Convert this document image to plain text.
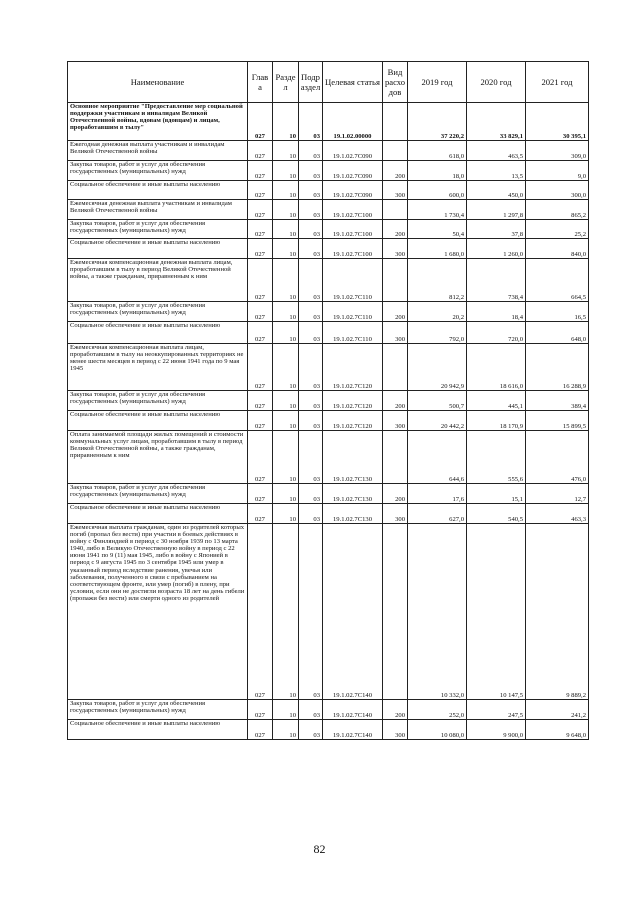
Наименование	Глав а	Разде л	Подр аздел	Целевая статья	Вид расхо дов	2019 год	2020 год	2021 год
Основное мероприятие "Предоставление мер социальной поддержки участникам и инвалидам Великой Отечественной войны, вдовам (вдовцам) и лицам, проработавшим в тылу"	027	10	03	19.1.02.00000		37 220,2	33 829,1	30 395,1
Ежегодная денежная выплата участникам и инвалидам Великой Отечественной войны	027	10	03	19.1.02.7С090		618,0	463,5	309,0
Закупка товаров, работ и услуг для обеспечения государственных (муниципальных) нужд	027	10	03	19.1.02.7С090	200	18,0	13,5	9,0
Социальное обеспечение и иные выплаты населению	027	10	03	19.1.02.7С090	300	600,0	450,0	300,0
Ежемесячная денежная выплата участникам и инвалидам Великой Отечественной войны	027	10	03	19.1.02.7С100		1 730,4	1 297,8	865,2
Закупка товаров, работ и услуг для обеспечения государственных (муниципальных) нужд	027	10	03	19.1.02.7С100	200	50,4	37,8	25,2
Социальное обеспечение и иные выплаты населению	027	10	03	19.1.02.7С100	300	1 680,0	1 260,0	840,0
Ежемесячная компенсационная денежная выплата лицам, проработавшим в тылу в период Великой Отечественной войны, а также гражданам, приравненным к ним	027	10	03	19.1.02.7С110		812,2	738,4	664,5
Закупка товаров, работ и услуг для обеспечения государственных (муниципальных) нужд	027	10	03	19.1.02.7С110	200	20,2	18,4	16,5
Социальное обеспечение и иные выплаты населению	027	10	03	19.1.02.7С110	300	792,0	720,0	648,0
Ежемесячная компенсационная выплата лицам, проработавшим в тылу на неоккупированных территориях не менее шести месяцев в период с 22 июня 1941 года по 9 мая 1945	027	10	03	19.1.02.7С120		20 942,9	18 616,0	16 288,9
Закупка товаров, работ и услуг для обеспечения государственных (муниципальных) нужд	027	10	03	19.1.02.7С120	200	500,7	445,1	389,4
Социальное обеспечение и иные выплаты населению	027	10	03	19.1.02.7С120	300	20 442,2	18 170,9	15 899,5
Оплата занимаемой площади жилых помещений и стоимости коммунальных услуг лицам, проработавшим в тылу в период Великой Отечественной войны, а также гражданам, приравненным к ним	027	10	03	19.1.02.7С130		644,6	555,6	476,0
Закупка товаров, работ и услуг для обеспечения государственных (муниципальных) нужд	027	10	03	19.1.02.7С130	200	17,6	15,1	12,7
Социальное обеспечение и иные выплаты населению	027	10	03	19.1.02.7С130	300	627,0	540,5	463,3
Ежемесячная выплата гражданам, один из родителей которых погиб (пропал без вести) при участии в боевых действиях в войну с Финляндией в период с 30 ноября 1939 по 13 марта 1940, либо в Великую Отечественную войну в период с 22 июня 1941 по 9 (11) мая 1945, либо в войну с Японией в период с 9 августа 1945 по 3 сентября 1945 или умер в указанный период вследствие ранения, увечья или заболевания, полученного в связи с пребыванием на соответствующем фронте, или умер (погиб) в плену, при условии, если они не достигли возраста 18 лет на день гибели (пропажи без вести) или смерти одного из родителей	027	10	03	19.1.02.7С140		10 332,0	10 147,5	9 889,2
Закупка товаров, работ и услуг для обеспечения государственных (муниципальных) нужд	027	10	03	19.1.02.7С140	200	252,0	247,5	241,2
Социальное обеспечение и иные выплаты населению	027	10	03	19.1.02.7С140	300	10 080,0	9 900,0	9 648,0
82
